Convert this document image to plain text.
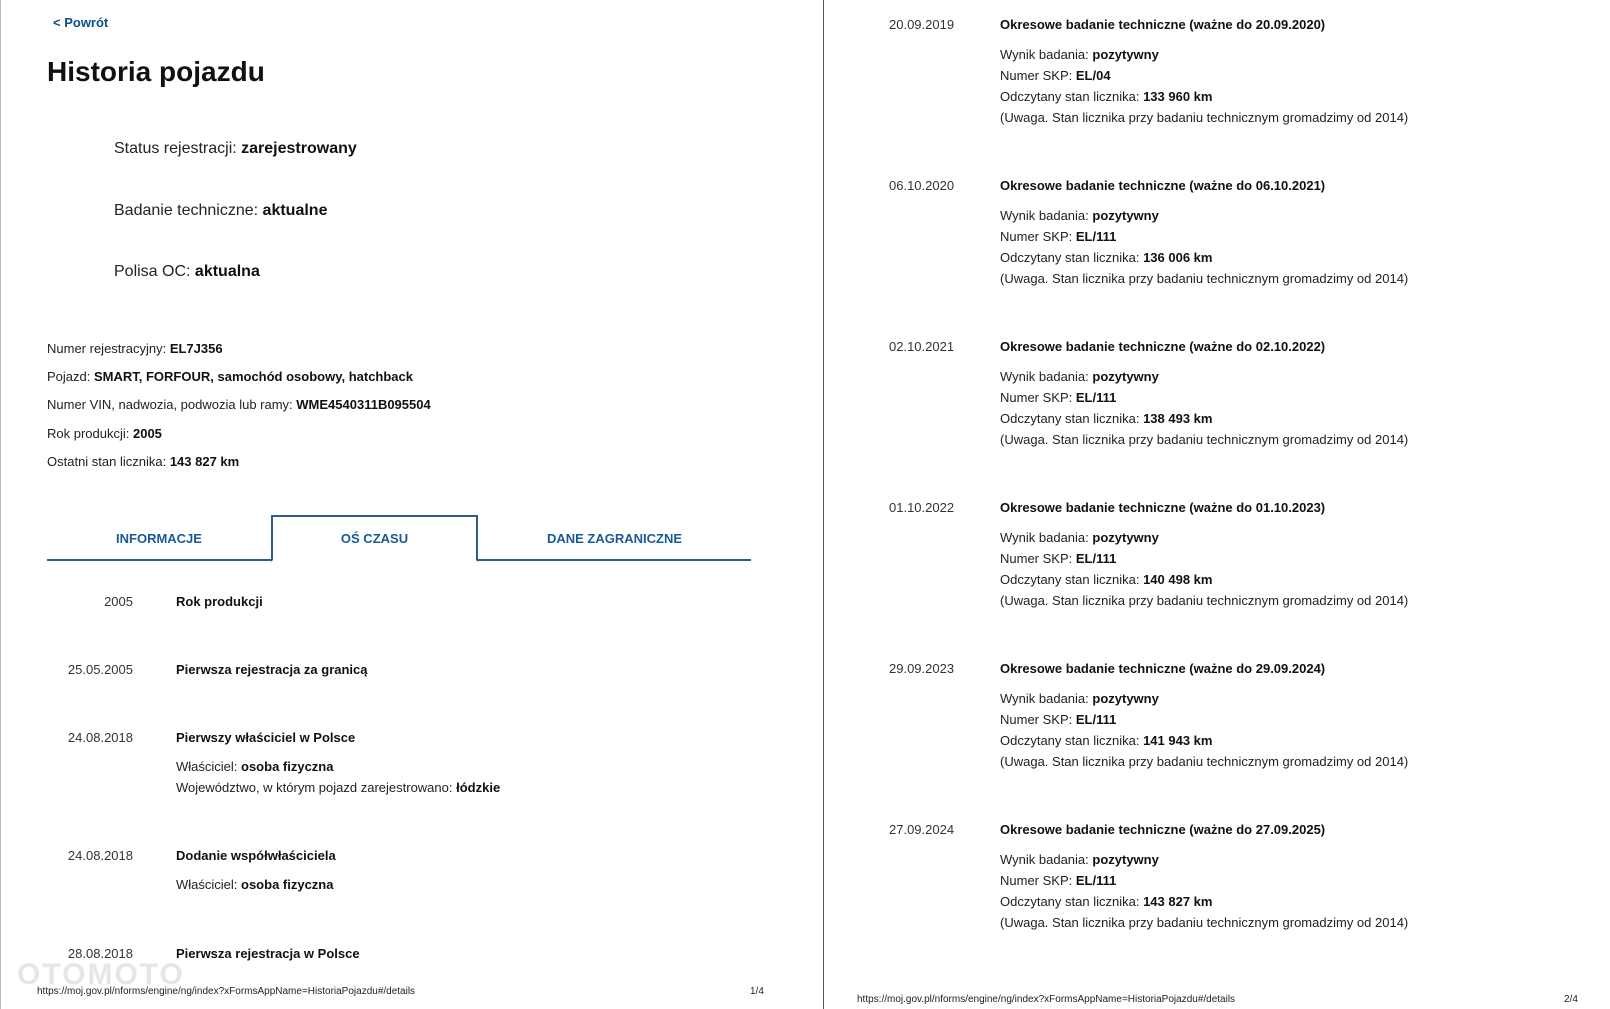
< Powrót
Historia pojazdu
Status rejestracji: zarejestrowany
Badanie techniczne: aktualne
Polisa OC: aktualna
Numer rejestracyjny: EL7J356
Pojazd: SMART, FORFOUR, samochód osobowy, hatchback
Numer VIN, nadwozia, podwozia lub ramy: WME4540311B095504
Rok produkcji: 2005
Ostatni stan licznika: 143 827 km
INFORMACJE	OŚ CZASU	DANE ZAGRANICZNE
2005	Rok produkcji
25.05.2005	Pierwsza rejestracja za granicą
24.08.2018	Pierwszy właściciel w Polsce
Właściciel: osoba fizyczna
Województwo, w którym pojazd zarejestrowano: łódzkie
24.08.2018	Dodanie współwłaściciela
Właściciel: osoba fizyczna
28.08.2018	Pierwsza rejestracja w Polsce
OTOMOTO
https://moj.gov.pl/nforms/engine/ng/index?xFormsAppName=HistoriaPojazdu#/details	1/4
https://moj.gov.pl/nforms/engine/ng/index?xFormsAppName=HistoriaPojazdu#/details	2/4
20.09.2019	Okresowe badanie techniczne (ważne do 20.09.2020)
Wynik badania: pozytywny
Numer SKP: EL/04
Odczytany stan licznika: 133 960 km
(Uwaga. Stan licznika przy badaniu technicznym gromadzimy od 2014)
06.10.2020	Okresowe badanie techniczne (ważne do 06.10.2021)
Wynik badania: pozytywny
Numer SKP: EL/111
Odczytany stan licznika: 136 006 km
(Uwaga. Stan licznika przy badaniu technicznym gromadzimy od 2014)
02.10.2021	Okresowe badanie techniczne (ważne do 02.10.2022)
Wynik badania: pozytywny
Numer SKP: EL/111
Odczytany stan licznika: 138 493 km
(Uwaga. Stan licznika przy badaniu technicznym gromadzimy od 2014)
01.10.2022	Okresowe badanie techniczne (ważne do 01.10.2023)
Wynik badania: pozytywny
Numer SKP: EL/111
Odczytany stan licznika: 140 498 km
(Uwaga. Stan licznika przy badaniu technicznym gromadzimy od 2014)
29.09.2023	Okresowe badanie techniczne (ważne do 29.09.2024)
Wynik badania: pozytywny
Numer SKP: EL/111
Odczytany stan licznika: 141 943 km
(Uwaga. Stan licznika przy badaniu technicznym gromadzimy od 2014)
27.09.2024	Okresowe badanie techniczne (ważne do 27.09.2025)
Wynik badania: pozytywny
Numer SKP: EL/111
Odczytany stan licznika: 143 827 km
(Uwaga. Stan licznika przy badaniu technicznym gromadzimy od 2014)
